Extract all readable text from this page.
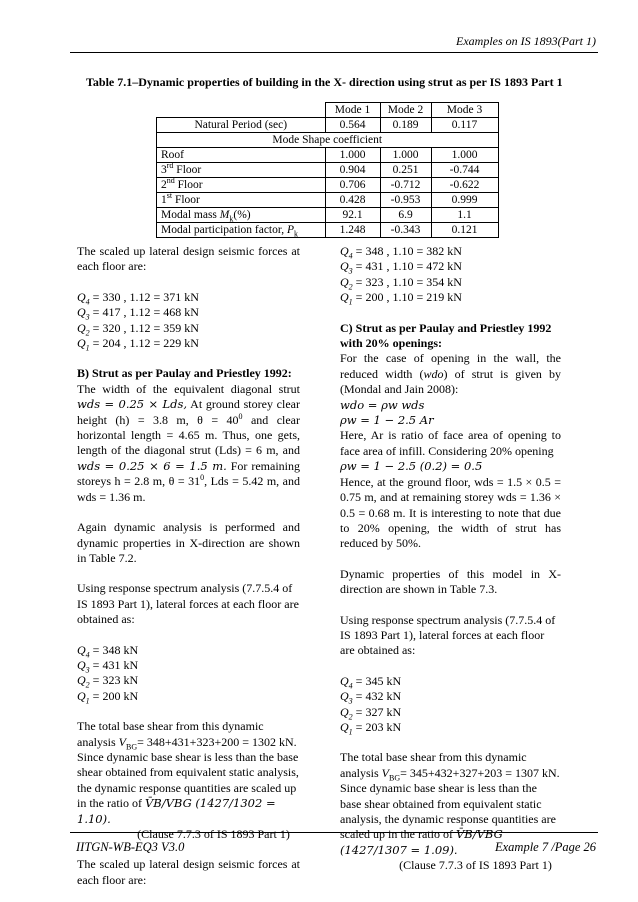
Examples on IS 1893(Part 1)
Table 7.1–Dynamic properties of building in the X- direction using strut as per IS 1893 Part 1
	Mode 1	Mode 2	Mode 3
Natural Period (sec)	0.564	0.189	0.117
Mode Shape coefficient			
Roof	1.000	1.000	1.000
3rd Floor	0.904	0.251	-0.744
2nd Floor	0.706	-0.712	-0.622
1st Floor	0.428	-0.953	0.999
Modal mass $M_k(\%)$	92.1	6.9	1.1
Modal participation factor, $P_k$	1.248	-0.343	0.121

The scaled up lateral design seismic forces at each floor are:

$Q_4 = 330$ , 1.12 = 371 kN

$Q_3 = 417$ , 1.12 = 468 kN

$Q_2 = 320$ , 1.12 = 359 kN

$Q_1 = 204$ , 1.12 = 229 kN

B) Strut as per Paulay and Priestley 1992:

The width of the equivalent diagonal strut wds = 0.25 × Lds, At ground storey clear height (h) = 3.8 m, $\theta = 40^0$ and clear horizontal length = 4.65 m. Thus, one gets, length of the diagonal strut (Lds) = 6 m, and wds = 0.25 × 6 = 1.5 m. For remaining storeys h = 2.8 m, $\theta = 31^0$, Lds = 5.42 m, and wds = 1.36 m.

Again dynamic analysis is performed and dynamic properties in X-direction are shown in Table 7.2.

Using response spectrum analysis (7.7.5.4 of IS 1893 Part 1), lateral forces at each floor are obtained as:

$Q_4 = 348$ kN

$Q_3 = 431$ kN

$Q_2 = 323$ kN

$Q_1 = 200$ kN

The total base shear from this dynamic analysis $V_{BG}= 348+431+323+200 = 1302$ kN. Since dynamic base shear is less than the base shear obtained from equivalent static analysis, the dynamic response quantities are scaled up in the ratio of V̄B/VBG (1427/1302 = 1.10).

(Clause 7.7.3 of IS 1893 Part 1)

The scaled up lateral design seismic forces at each floor are:

$Q_4 = 348$ , 1.10 = 382 kN

$Q_3 = 431$ , 1.10 = 472 kN

$Q_2 = 323$ , 1.10 = 354 kN

$Q_1 = 200$ , 1.10 = 219 kN

C) Strut as per Paulay and Priestley 1992 with 20% openings:

For the case of opening in the wall, the reduced width (wdo) of strut is given by (Mondal and Jain 2008):

wdo = ρw wds

ρw = 1 − 2.5 Ar

Here, Ar is ratio of face area of opening to face area of infill. Considering 20% opening

ρw = 1 − 2.5 (0.2) = 0.5

Hence, at the ground floor, wds = 1.5 × 0.5 = 0.75 m, and at remaining storey wds = 1.36 × 0.5 = 0.68 m. It is interesting to note that due to 20% opening, the width of strut has reduced by 50%.

Dynamic properties of this model in X-direction are shown in Table 7.3.

Using response spectrum analysis (7.7.5.4 of IS 1893 Part 1), lateral forces at each floor are obtained as:

$Q_4 = 345$ kN

$Q_3 = 432$ kN

$Q_2 = 327$ kN

$Q_1 = 203$ kN

The total base shear from this dynamic analysis $V_{BG}= 345+432+327+203 = 1307$ kN. Since dynamic base shear is less than the base shear obtained from equivalent static analysis, the dynamic response quantities are scaled up in the ratio of V̄B/VBG (1427/1307 = 1.09).

(Clause 7.7.3 of IS 1893 Part 1)

IITGN-WB-EQ3 V3.0	Example 7 /Page 26
